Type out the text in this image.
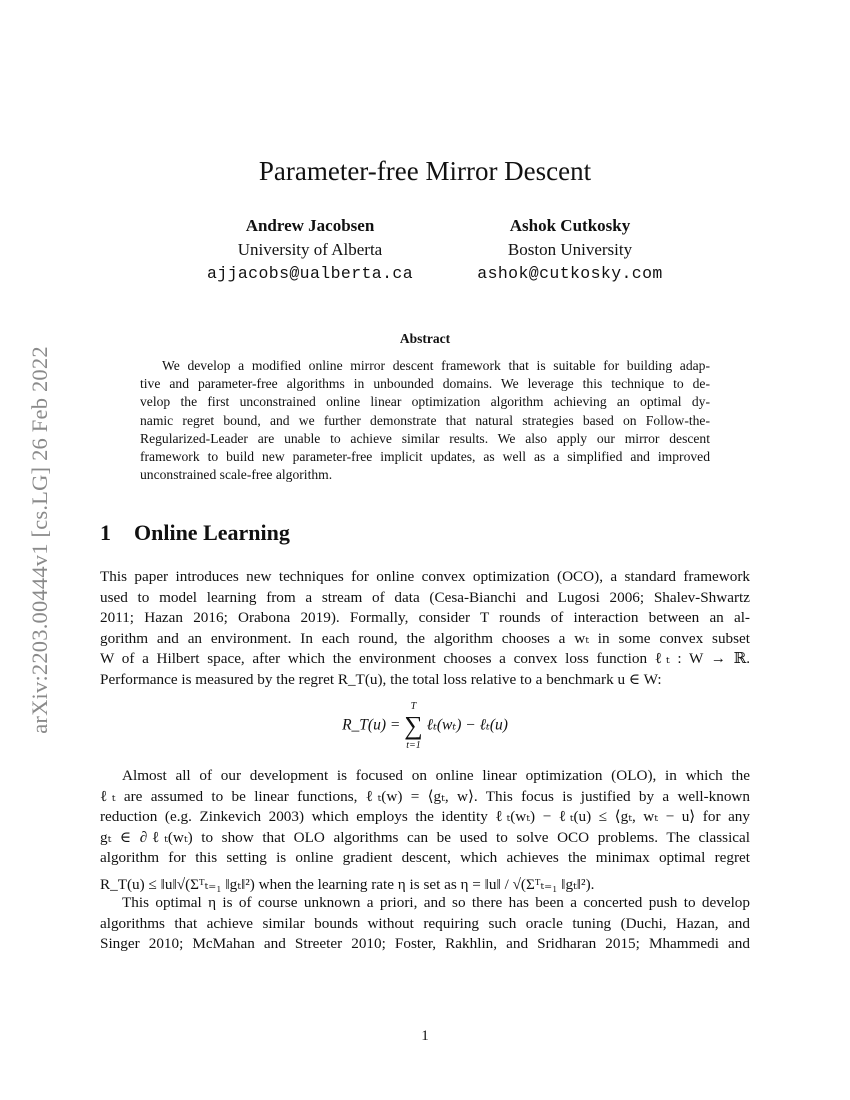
arXiv:2203.00444v1 [cs.LG] 26 Feb 2022
Parameter-free Mirror Descent
Andrew Jacobsen
University of Alberta
ajjacobs@ualberta.ca
Ashok Cutkosky
Boston University
ashok@cutkosky.com
Abstract
We develop a modified online mirror descent framework that is suitable for building adap-
tive and parameter-free algorithms in unbounded domains. We leverage this technique to de-
velop the first unconstrained online linear optimization algorithm achieving an optimal dy-
namic regret bound, and we further demonstrate that natural strategies based on Follow-the-
Regularized-Leader are unable to achieve similar results. We also apply our mirror descent
framework to build new parameter-free implicit updates, as well as a simplified and improved
unconstrained scale-free algorithm.
1 Online Learning
This paper introduces new techniques for online convex optimization (OCO), a standard framework
used to model learning from a stream of data (Cesa-Bianchi and Lugosi 2006; Shalev-Shwartz
2011; Hazan 2016; Orabona 2019). Formally, consider T rounds of interaction between an al-
gorithm and an environment. In each round, the algorithm chooses a wₜ in some convex subset
W of a Hilbert space, after which the environment chooses a convex loss function ℓₜ : W → ℝ.
Performance is measured by the regret R_T(u), the total loss relative to a benchmark u ∈ W:
R_T(u) =
T
∑
t=1
ℓₜ(wₜ) − ℓₜ(u)
Almost all of our development is focused on online linear optimization (OLO), in which the
ℓₜ are assumed to be linear functions, ℓₜ(w) = ⟨gₜ, w⟩. This focus is justified by a well-known
reduction (e.g. Zinkevich 2003) which employs the identity ℓₜ(wₜ) − ℓₜ(u) ≤ ⟨gₜ, wₜ − u⟩ for any
gₜ ∈ ∂ℓₜ(wₜ) to show that OLO algorithms can be used to solve OCO problems. The classical
algorithm for this setting is online gradient descent, which achieves the minimax optimal regret
R_T(u) ≤ ‖u‖√(Σᵀₜ₌₁ ‖gₜ‖²) when the learning rate η is set as η = ‖u‖ / √(Σᵀₜ₌₁ ‖gₜ‖²).
This optimal η is of course unknown a priori, and so there has been a concerted push to develop
algorithms that achieve similar bounds without requiring such oracle tuning (Duchi, Hazan, and
Singer 2010; McMahan and Streeter 2010; Foster, Rakhlin, and Sridharan 2015; Mhammedi and
1
